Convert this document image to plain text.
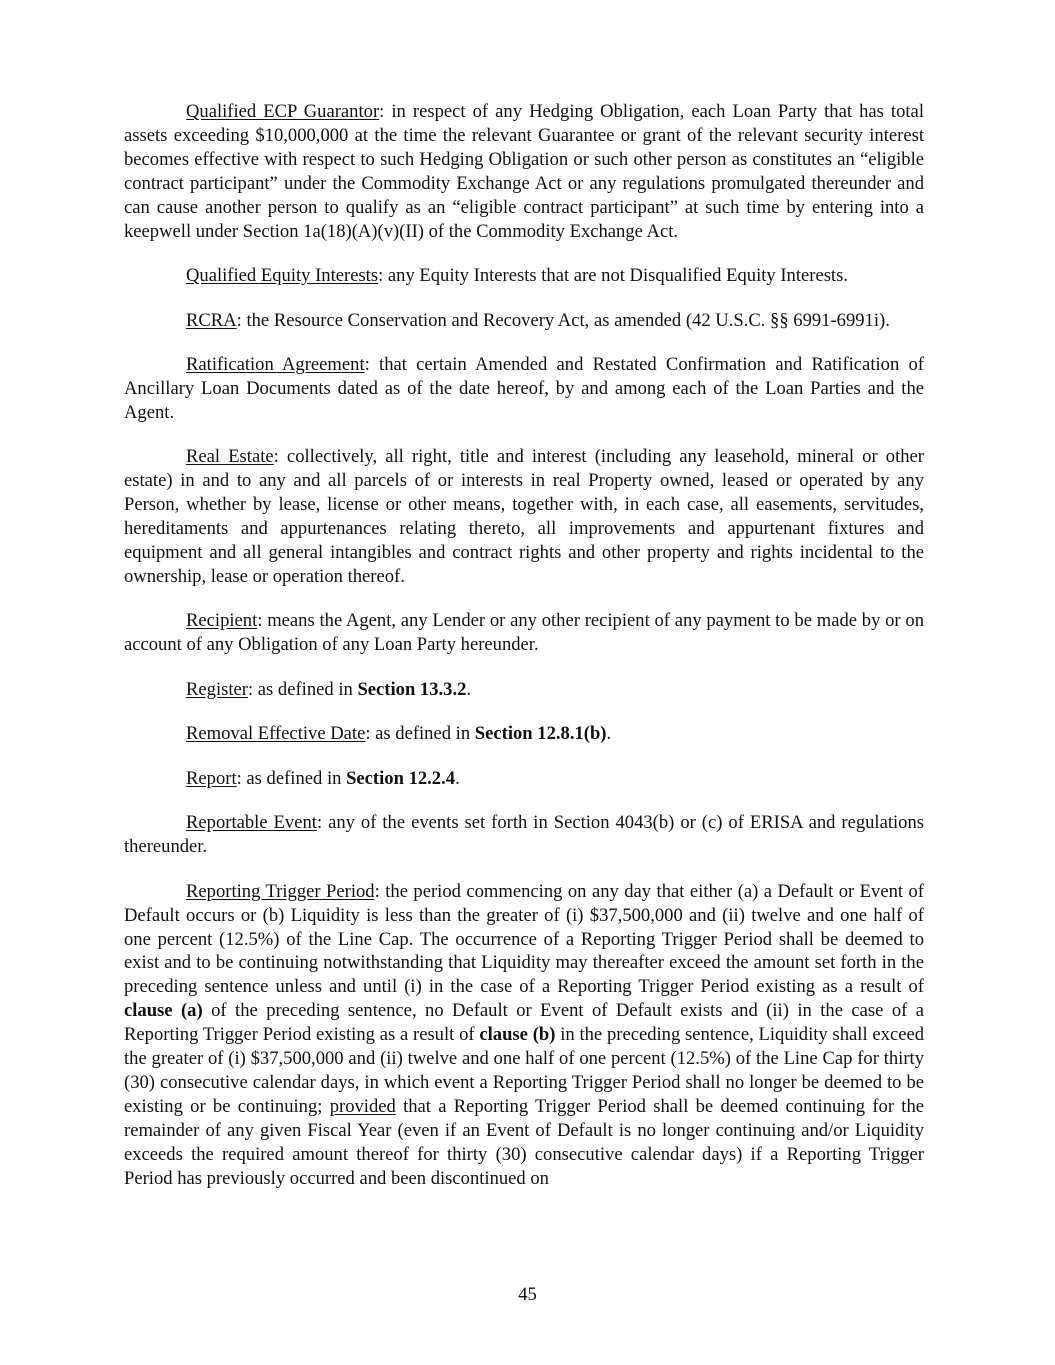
Qualified ECP Guarantor: in respect of any Hedging Obligation, each Loan Party that has total assets exceeding $10,000,000 at the time the relevant Guarantee or grant of the relevant security interest becomes effective with respect to such Hedging Obligation or such other person as constitutes an “eligible contract participant” under the Commodity Exchange Act or any regulations promulgated thereunder and can cause another person to qualify as an “eligible contract participant” at such time by entering into a keepwell under Section 1a(18)(A)(v)(II) of the Commodity Exchange Act.

Qualified Equity Interests: any Equity Interests that are not Disqualified Equity Interests.

RCRA: the Resource Conservation and Recovery Act, as amended (42 U.S.C. §§ 6991-6991i).

Ratification Agreement: that certain Amended and Restated Confirmation and Ratification of Ancillary Loan Documents dated as of the date hereof, by and among each of the Loan Parties and the Agent.

Real Estate: collectively, all right, title and interest (including any leasehold, mineral or other estate) in and to any and all parcels of or interests in real Property owned, leased or operated by any Person, whether by lease, license or other means, together with, in each case, all easements, servitudes, hereditaments and appurtenances relating thereto, all improvements and appurtenant fixtures and equipment and all general intangibles and contract rights and other property and rights incidental to the ownership, lease or operation thereof.

Recipient: means the Agent, any Lender or any other recipient of any payment to be made by or on account of any Obligation of any Loan Party hereunder.

Register: as defined in Section 13.3.2.

Removal Effective Date: as defined in Section 12.8.1(b).

Report: as defined in Section 12.2.4.

Reportable Event: any of the events set forth in Section 4043(b) or (c) of ERISA and regulations thereunder.

Reporting Trigger Period: the period commencing on any day that either (a) a Default or Event of Default occurs or (b) Liquidity is less than the greater of (i) $37,500,000 and (ii) twelve and one half of one percent (12.5%) of the Line Cap. The occurrence of a Reporting Trigger Period shall be deemed to exist and to be continuing notwithstanding that Liquidity may thereafter exceed the amount set forth in the preceding sentence unless and until (i) in the case of a Reporting Trigger Period existing as a result of clause (a) of the preceding sentence, no Default or Event of Default exists and (ii) in the case of a Reporting Trigger Period existing as a result of clause (b) in the preceding sentence, Liquidity shall exceed the greater of (i) $37,500,000 and (ii) twelve and one half of one percent (12.5%) of the Line Cap for thirty (30) consecutive calendar days, in which event a Reporting Trigger Period shall no longer be deemed to be existing or be continuing; provided that a Reporting Trigger Period shall be deemed continuing for the remainder of any given Fiscal Year (even if an Event of Default is no longer continuing and/or Liquidity exceeds the required amount thereof for thirty (30) consecutive calendar days) if a Reporting Trigger Period has previously occurred and been discontinued on

45
